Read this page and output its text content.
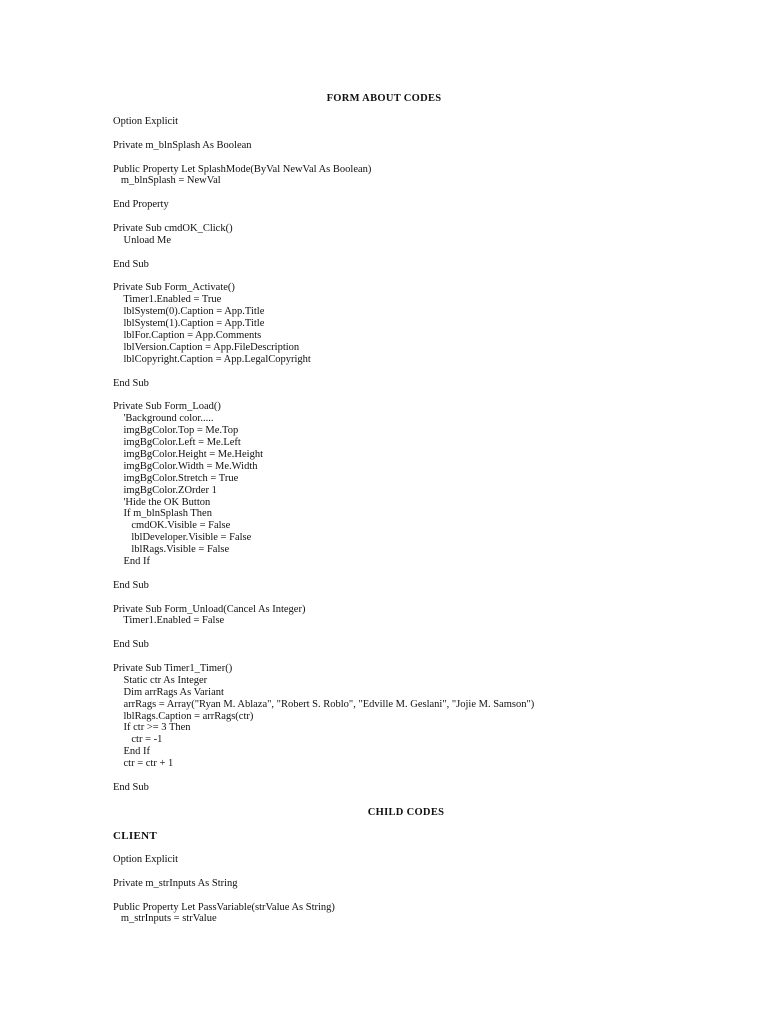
FORM ABOUT CODES
Option Explicit
Private m_blnSplash As Boolean
Public Property Let SplashMode(ByVal NewVal As Boolean)
m_blnSplash = NewVal
End Property
Private Sub cmdOK_Click()
Unload Me
End Sub
Private Sub Form_Activate()
Timer1.Enabled = True
lblSystem(0).Caption = App.Title
lblSystem(1).Caption = App.Title
lblFor.Caption = App.Comments
lblVersion.Caption = App.FileDescription
lblCopyright.Caption = App.LegalCopyright
End Sub
Private Sub Form_Load()
'Background color.....
imgBgColor.Top = Me.Top
imgBgColor.Left = Me.Left
imgBgColor.Height = Me.Height
imgBgColor.Width = Me.Width
imgBgColor.Stretch = True
imgBgColor.ZOrder 1
'Hide the OK Button
If m_blnSplash Then
cmdOK.Visible = False
lblDeveloper.Visible = False
lblRags.Visible = False
End If
End Sub
Private Sub Form_Unload(Cancel As Integer)
Timer1.Enabled = False
End Sub
Private Sub Timer1_Timer()
Static ctr As Integer
Dim arrRags As Variant
arrRags = Array("Ryan M. Ablaza", "Robert S. Roblo", "Edville M. Geslani", "Jojie M. Samson")
lblRags.Caption = arrRags(ctr)
If ctr >= 3 Then
ctr = -1
End If
ctr = ctr + 1
End Sub
CHILD CODES
CLIENT
Option Explicit
Private m_strInputs As String
Public Property Let PassVariable(strValue As String)
m_strInputs = strValue
